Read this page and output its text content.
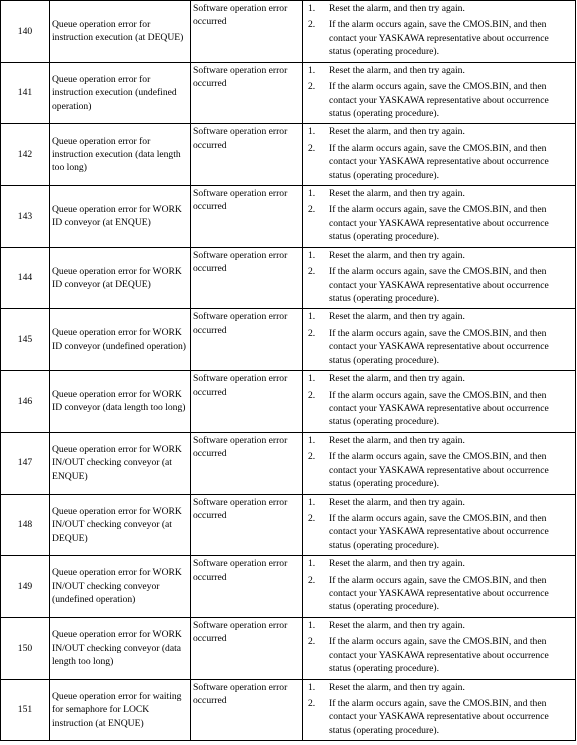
140	Queue operation error for instruction execution (at DEQUE)	Software operation error occurred	1. Reset the alarm, and then try again.
2. If the alarm occurs again, save the CMOS.BIN, and then contact your YASKAWA representative about occurrence status (operating procedure).

141	Queue operation error for instruction execution (undefined operation)	Software operation error occurred	1. Reset the alarm, and then try again.
2. If the alarm occurs again, save the CMOS.BIN, and then contact your YASKAWA representative about occurrence status (operating procedure).

142	Queue operation error for instruction execution (data length too long)	Software operation error occurred	1. Reset the alarm, and then try again.
2. If the alarm occurs again, save the CMOS.BIN, and then contact your YASKAWA representative about occurrence status (operating procedure).

143	Queue operation error for WORK ID conveyor (at ENQUE)	Software operation error occurred	1. Reset the alarm, and then try again.
2. If the alarm occurs again, save the CMOS.BIN, and then contact your YASKAWA representative about occurrence status (operating procedure).

144	Queue operation error for WORK ID conveyor (at DEQUE)	Software operation error occurred	1. Reset the alarm, and then try again.
2. If the alarm occurs again, save the CMOS.BIN, and then contact your YASKAWA representative about occurrence status (operating procedure).

145	Queue operation error for WORK ID conveyor (undefined operation)	Software operation error occurred	1. Reset the alarm, and then try again.
2. If the alarm occurs again, save the CMOS.BIN, and then contact your YASKAWA representative about occurrence status (operating procedure).

146	Queue operation error for WORK ID conveyor (data length too long)	Software operation error occurred	1. Reset the alarm, and then try again.
2. If the alarm occurs again, save the CMOS.BIN, and then contact your YASKAWA representative about occurrence status (operating procedure).

147	Queue operation error for WORK IN/OUT checking conveyor (at ENQUE)	Software operation error occurred	1. Reset the alarm, and then try again.
2. If the alarm occurs again, save the CMOS.BIN, and then contact your YASKAWA representative about occurrence status (operating procedure).

148	Queue operation error for WORK IN/OUT checking conveyor (at DEQUE)	Software operation error occurred	1. Reset the alarm, and then try again.
2. If the alarm occurs again, save the CMOS.BIN, and then contact your YASKAWA representative about occurrence status (operating procedure).

149	Queue operation error for WORK IN/OUT checking conveyor (undefined operation)	Software operation error occurred	1. Reset the alarm, and then try again.
2. If the alarm occurs again, save the CMOS.BIN, and then contact your YASKAWA representative about occurrence status (operating procedure).

150	Queue operation error for WORK IN/OUT checking conveyor (data length too long)	Software operation error occurred	1. Reset the alarm, and then try again.
2. If the alarm occurs again, save the CMOS.BIN, and then contact your YASKAWA representative about occurrence status (operating procedure).

151	Queue operation error for waiting for semaphore for LOCK instruction (at ENQUE)	Software operation error occurred	1. Reset the alarm, and then try again.
2. If the alarm occurs again, save the CMOS.BIN, and then contact your YASKAWA representative about occurrence status (operating procedure).
